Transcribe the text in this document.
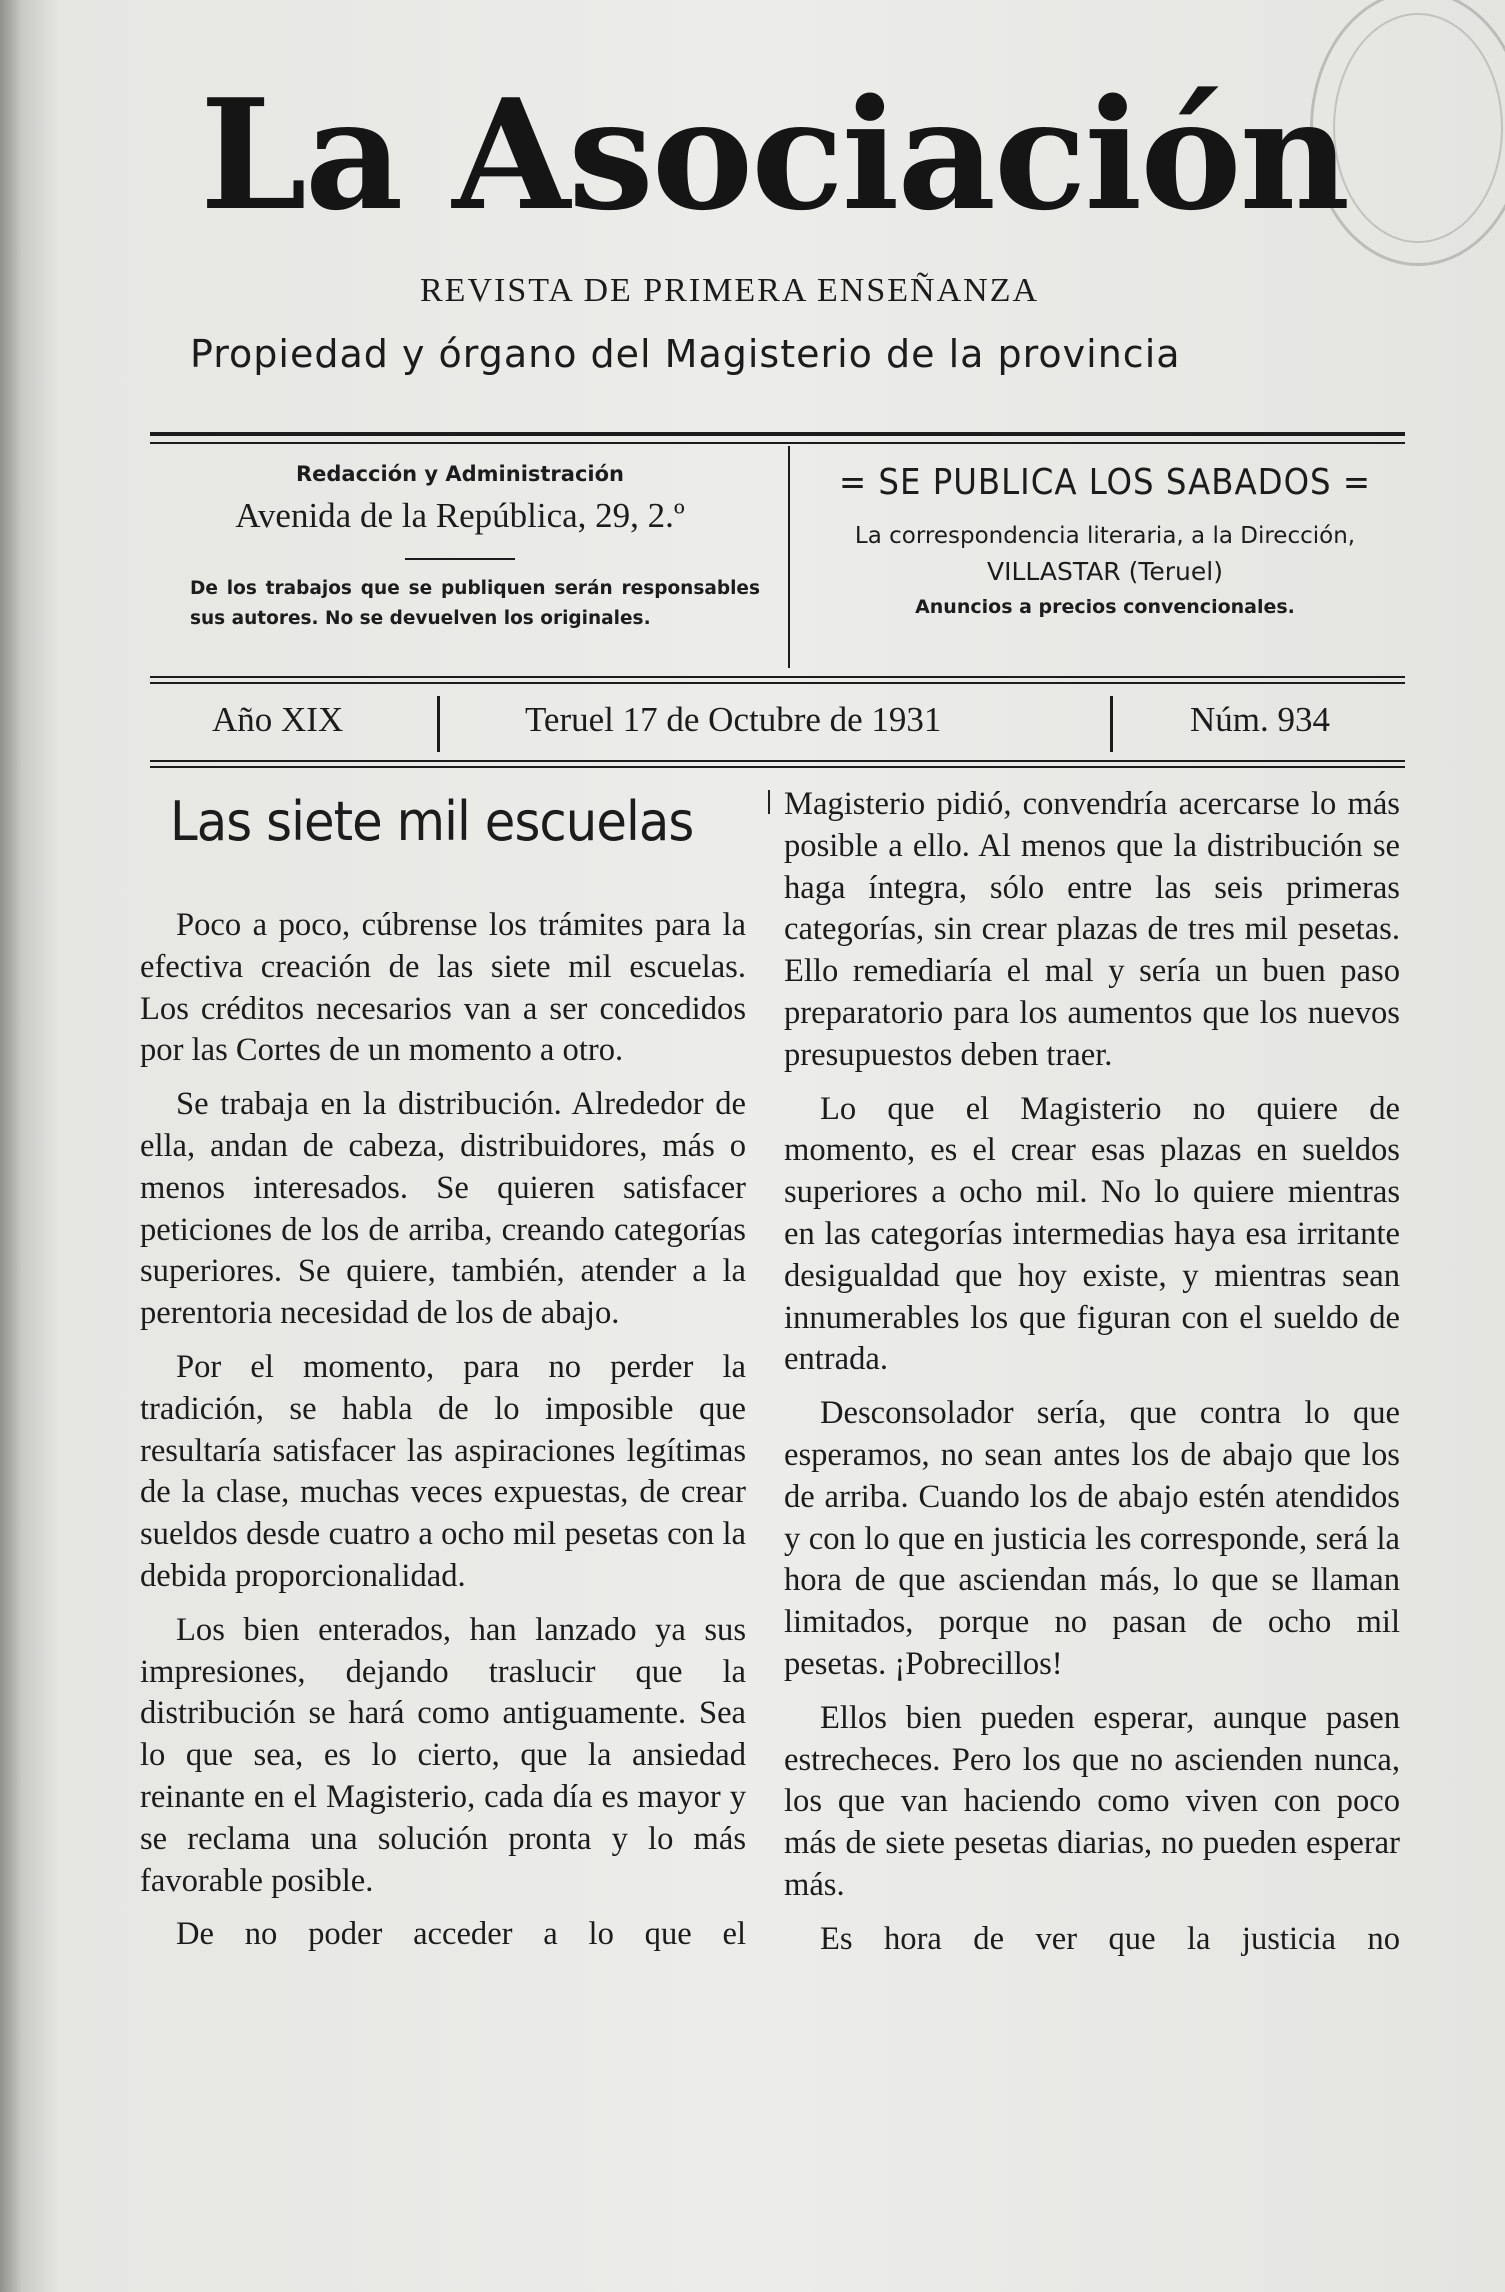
La Asociación
REVISTA DE PRIMERA ENSEÑANZA
Propiedad y órgano del Magisterio de la provincia
Redacción y Administración
Avenida de la República, 29, 2.º
De los trabajos que se publiquen serán responsables sus autores. No se devuelven los originales.
= SE PUBLICA LOS SABADOS =
La correspondencia literaria, a la Dirección,
VILLASTAR (Teruel)
Anuncios a precios convencionales.
Año XIX	Teruel 17 de Octubre de 1931	Núm. 934
Las siete mil escuelas

Poco a poco, cúbrense los trámites para la efectiva creación de las siete mil escuelas. Los créditos necesarios van a ser concedidos por las Cortes de un momento a otro.

Se trabaja en la distribución. Alrededor de ella, andan de cabeza, distribuidores, más o menos interesados. Se quieren satisfacer peticiones de los de arriba, creando categorías superiores. Se quiere, también, atender a la perentoria necesidad de los de abajo.

Por el momento, para no perder la tradición, se habla de lo imposible que resultaría satisfacer las aspiraciones legítimas de la clase, muchas veces expuestas, de crear sueldos desde cuatro a ocho mil pesetas con la debida proporcionalidad.

Los bien enterados, han lanzado ya sus impresiones, dejando traslucir que la distribución se hará como antiguamente. Sea lo que sea, es lo cierto, que la ansiedad reinante en el Magisterio, cada día es mayor y se reclama una solución pronta y lo más favorable posible.

De no poder acceder a lo que el

Magisterio pidió, convendría acercarse lo más posible a ello. Al menos que la distribución se haga íntegra, sólo entre las seis primeras categorías, sin crear plazas de tres mil pesetas. Ello remediaría el mal y sería un buen paso preparatorio para los aumentos que los nuevos presupuestos deben traer.

Lo que el Magisterio no quiere de momento, es el crear esas plazas en sueldos superiores a ocho mil. No lo quiere mientras en las categorías intermedias haya esa irritante desigualdad que hoy existe, y mientras sean innumerables los que figuran con el sueldo de entrada.

Desconsolador sería, que contra lo que esperamos, no sean antes los de abajo que los de arriba. Cuando los de abajo estén atendidos y con lo que en justicia les corresponde, será la hora de que asciendan más, lo que se llaman limitados, porque no pasan de ocho mil pesetas. ¡Pobrecillos!

Ellos bien pueden esperar, aunque pasen estrecheces. Pero los que no ascienden nunca, los que van haciendo como viven con poco más de siete pesetas diarias, no pueden esperar más.

Es hora de ver que la justicia no
